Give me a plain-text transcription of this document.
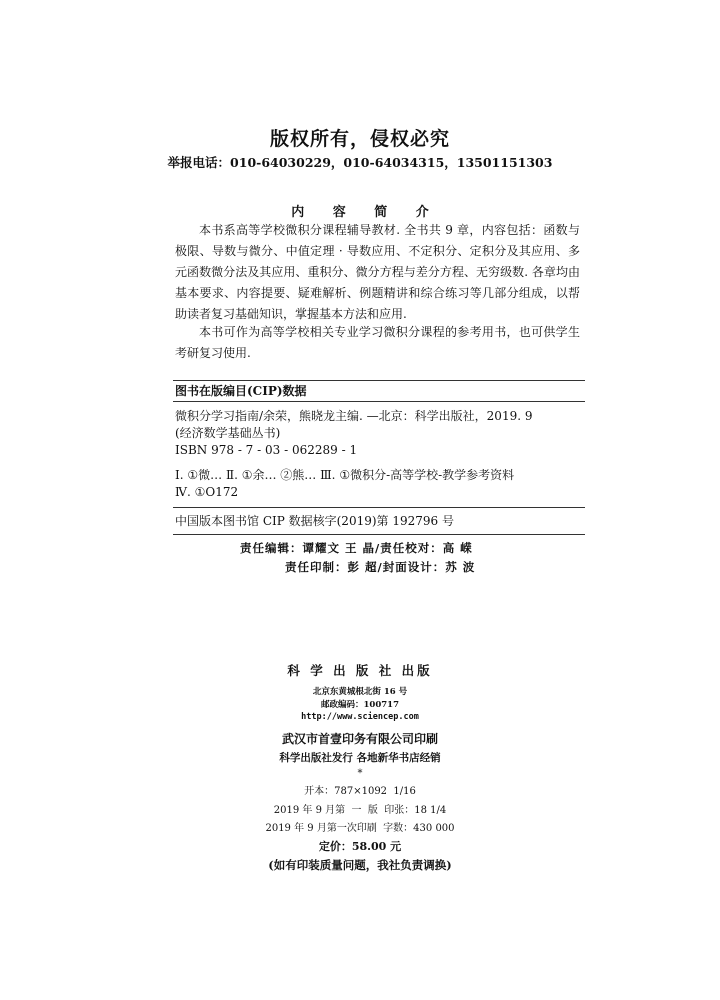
版权所有，侵权必究
举报电话：010-64030229，010-64034315，13501151303
内 容 简 介

本书系高等学校微积分课程辅导教材. 全书共 9 章，内容包括：函数与极限、导数与微分、中值定理 · 导数应用、不定积分、定积分及其应用、多元函数微分法及其应用、重积分、微分方程与差分方程、无穷级数. 各章均由基本要求、内容提要、疑难解析、例题精讲和综合练习等几部分组成，以帮助读者复习基础知识，掌握基本方法和应用.

本书可作为高等学校相关专业学习微积分课程的参考用书，也可供学生考研复习使用.

图书在版编目(CIP)数据
微积分学习指南/余荣，熊晓龙主编. —北京：科学出版社，2019. 9
(经济数学基础丛书)
ISBN 978 - 7 - 03 - 062289 - 1
Ⅰ. ①微… Ⅱ. ①余… ②熊… Ⅲ. ①微积分-高等学校-教学参考资料
Ⅳ. ①O172
中国版本图书馆 CIP 数据核字(2019)第 192796 号
责任编辑：谭耀文 王 晶/责任校对：高 嵘
责任印制：彭 超/封面设计：苏 波
科 学 出 版 社 出版
北京东黄城根北街 16 号
邮政编码：100717
http://www.sciencep.com
武汉市首壹印务有限公司印刷
科学出版社发行 各地新华书店经销
*
开本：787×1092  1/16
2019 年 9 月第  一  版  印张：18 1/4
2019 年 9 月第一次印刷  字数：430 000
定价：58.00 元
(如有印装质量问题，我社负责调换)
